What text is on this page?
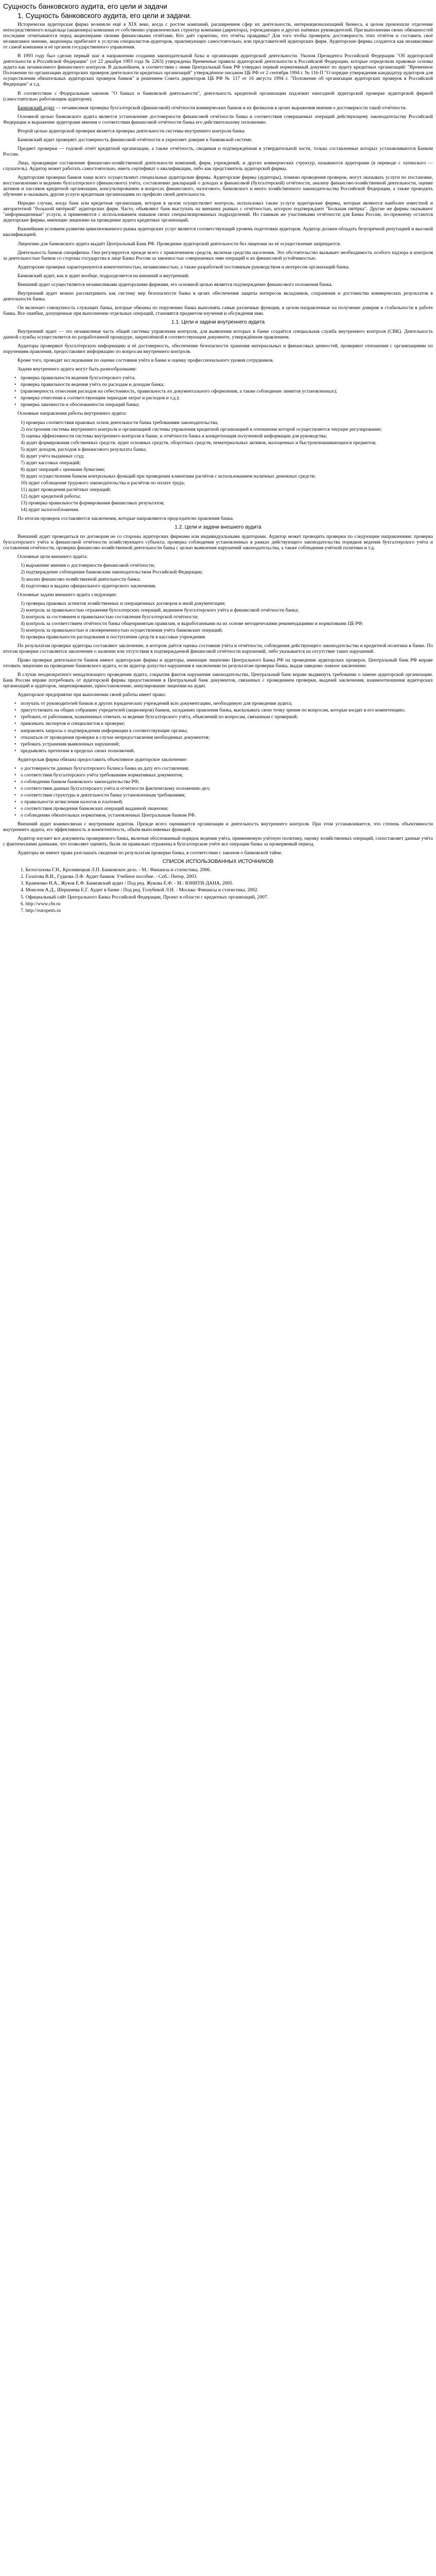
Сущность банковского аудита, его цели и задачи
1. Сущность банковского аудита, его цели и задачи.

Исторически аудиторская фирма возникли ещё в XIX веке, когда с ростом компаний, расширением сфер их деятельности, интернационализацией бизнеса, в целом произошли отделение непосредственного владельца (акционера) компании от собственно управленческих структур компании (директора), учреждающих и других наёмных руководителей. При выполнении своих обязанностей последние отчитываются перед акционерами своими финансовыми отчётами. Кто даёт гарантию, что отчёты правдивы? Для того чтобы проверить достоверность этих отчётов и составить своё независимое мнение, акционеры прибегают к услугам специалистов-аудиторов, практикующих самостоятельно, или представителей аудиторских фирм. Аудиторские фирмы создаются как независимые от самой компании и её органов государственного управления.

В 1993 году был сделан первый шаг в направлении создания законодательной базы и организации аудиторской деятельности. Указом Президента Российской Федерации "Об аудиторской деятельности в Российской Федерации" (от 22 декабря 1993 года № 2263) утверждены Временные правила аудиторской деятельности в Российской Федерации, которые определили правовые основы аудита как независимого финансового контроля. В дальнейшем, в соответствии с ними Центральный банк РФ утвердил первый нормативный документ по аудиту кредитных организаций: "Временное Положение по организации аудиторских проверок деятельности кредитных организаций" утверждённое письмом ЦБ РФ от 2 сентября 1994 г. № 116-П "О порядке утверждения кандидатур аудиторов для осуществления обязательных аудиторских проверок банков" и решением Совета директоров ЦБ РФ № 117 от 16 августа 1994 г. "Положение об организации аудиторских проверок в Российской Федерации" и т.д.

В соответствии с Федеральным законом "О банках и банковской деятельности", деятельность кредитной организации подлежит ежегодной аудиторской проверке аудиторской фирмой (самостоятельно работающим аудитором).

Банковский аудит — независимая проверка бухгалтерской (финансовой) отчётности коммерческих банков и их филиалов в целях выражения мнения о достоверности такой отчётности.

Основной целью банковского аудита является установление достоверности финансовой отчётности банка и соответствия совершаемых операций действующему законодательству Российской Федерации и выражение аудиторами мнения о соответствии финансовой отчётности банка его действительному положению.

Второй целью аудиторской проверки является проверка деятельности системы внутреннего контроля банка.

Банковский аудит проверяет достоверность финансовой отчётности и укрепляет доверие к банковской системе.

Предмет проверки — годовой отчёт кредитной организации, а также отчётность, сводимая и подтверждённая в утвердительной части, только составленные которых устанавливаются Банком России.

Лица, проводящие составление финансово-хозяйственной деятельности компаний, фирм, учреждений, и других коммерческих структур, называются аудиторами (в переводе с латинского — слушатель). Аудитор может работать самостоятельно, иметь сертификат о квалификации, либо как представитель аудиторской фирмы.

Аудиторские проверки банков чаще всего осуществляют специальные аудиторские фирмы. Аудиторские фирмы (аудиторы), помимо проведения проверок, могут оказывать услуги по постановке, восстановлению и ведению бухгалтерского (финансового) учёта, составлению деклараций о доходах и финансовой (бухгалтерской) отчётности, анализу финансово-хозяйственной деятельности, оценке активов и пассивов кредитной организации, консультированию в вопросах финансового, налогового, банковского и иного хозяйственного законодательства Российской Федерации, а также проводить обучение и оказывать другие услуги кредитным организациям по профилю своей деятельности.

Нередко случаи, когда банк или кредитная организация, которая в целом осуществляет контроль, использовал также услуги аудиторские фирмы, которые являются наиболее известной и авторитетной "большой пятёркой" аудиторских фирм. Часто, объявляют банк выступать на внешних рынках с отчётностью, которую подтверждают "Большая пятёрка". Другие же фирмы оказывают "информационные" услуги, и применяются с использованием навыков своих специализированных подразделений. Но главным же участниками отчётности для Банка России, по-прежнему остаются аудиторские фирмы, имеющие лицензию на проведение аудита кредитных организаций.

Важнейшим условием развития цивилизованного рынка аудиторских услуг является соответствующий уровень подготовки аудиторов. Аудитор должен обладать безупречной репутацией и высокой квалификацией.

Лицензию для банковского аудита выдаёт Центральный Банк РФ. Проведение аудиторской деятельности без лицензии на её осуществление запрещается.

Деятельность банков специфична. Она регулируется прежде всего с привлечением средств, включая средства населения. Это обстоятельство вызывает необходимость особого надзора и контроля за деятельностью банков со стороны государства в лице Банка России за законностью совершаемых ими операций и их финансовой устойчивостью.

Аудиторские проверки характеризуются компетентностью, независимостью, а также разработкой постоянным руководством и интересом организаций банка.

Банковский аудит, как и аудит вообще, подразделяется на внешний и внутренний.

Внешний аудит осуществляется независимыми аудиторскими фирмами, его основной целью является подтверждение финансового положения банка.

Внутренний аудит можно рассматривать как систему мер безопасности банка в целях обеспечения защиты интересов вкладчиков, сохранения и достоинства коммерческих результатов в деятельности банка.

Он включает совокупность служащих банка, которые обязаны по поручению банка выполнять самые различные функции, в целом направленные на получение доверия и стабильности в работе банка. Все ошибки, допущенные при выполнении отдельных операций, становятся предметом изучения и обсуждения ими.

1.1. Цели и задачи внутреннего аудита

Внутренний аудит — это независимая часть общей системы управления контроля, для выявления которых в банке создаётся специальная служба внутреннего контроля (СВК). Деятельность данной службы осуществляется по разработанной процедуре, закреплённой в соответствующем документе, утверждённом правлением.

Аудиторы проверяют бухгалтерскую информацию и её достоверность, обеспечение безопасности хранения материальных и финансовых ценностей, проверяют отношения с организациями по поручениям правления, предоставляют информацию по вопросам внутреннего контроля.

Кроме того, проводят исследования по оценке состояния учёта в банке и оценку профессионального уровня сотрудников.

Задачи внутреннего аудита могут быть разнообразными:

• проверка правильности ведения бухгалтерского учёта;
• проверка правильности ведения учёта по расходам и доходам банка;
• (правомерность отнесения расходов на себестоимость, правильность их документального оформления, а также соблюдение лимитов установленных);
• проверка отнесения к соответствующим периодам затрат и расходов и т.д.);
• проверка законности и обоснованности операций банка;

Основные направления работы внутреннего аудита:

1) проверка соответствия правовых основ деятельности банка требованиям законодательства;
2) построения системы внутреннего контроля и организацией системы управления кредитной организацией в отношении которой осуществляется текущее регулирование;
3) оценка эффективности системы внутреннего контроля в банке, и отчётности банка и конкретизация полученной информации для руководства;
4) аудит формирования собственных средств: аудит основных средств, оборотных средств, нематериальных активов, малоценных и быстроизнашивающихся предметов;
5) аудит доходов, расходов и финансового результата банка;
6) аудит учёта выданных ссуд;
7) аудит кассовых операций;
8) аудит операций с ценными бумагами;
9) аудит осуществления банком контрольных функций при проведении клиентами расчётов с использованием наличных денежных средств;
10) аудит соблюдения трудового законодательства и расчётов по оплате труда;
11) аудит проведения расчётных операций;
12) аудит кредитной работы;
13) проверка правильности формирования финансовых результатов;
14) аудит налогообложения.

По итогам проверок составляются заключения, которые направляются председателю правления банка.

1.2. Цели и задачи внешнего аудита

Внешний аудит проводиться по договорам не со стороны аудиторских фирмами или индивидуальными аудиторами. Аудитор может проводить проверки по следующим направлениям: проверка бухгалтерского учёта и финансовой отчётности хозяйствующего субъекта; проверка соблюдения установленных в рамках действующего законодательства порядков ведения бухгалтерского учёта и составления отчётности, проверки финансово-хозяйственной деятельности банка с целью выявления нарушений законодательства, а также соблюдения учётной политики и т.д.

Основные цели внешнего аудита:

1) выражение мнения о достоверности финансовой отчётности;
2) подтверждение соблюдения банковским законодательством Российской Федерации;
3) анализ финансово-хозяйственной деятельности банка;
4) подготовка и выдача официального аудиторского заключения.

Основные задачи внешнего аудита следующие:

1) проверка правовых аспектов хозяйственных и операционных договоров и иной документации;
2) контроль за правильностью отражения бухгалтерских операций, ведением бухгалтерского учёта и финансовой отчётности банка;
3) контроль за состоянием и правильностью составления бухгалтерской отчётности;
4) контроль за соответствием отчётности банка общепринятым правилам, и выработанными на их основе методическими рекомендациями и нормативами ЦБ РФ;
5) контроль за правильностью и своевременностью осуществления учёта банковских операций;
6) проверка правильности расходования и поступления средств в кассовые учреждения.

По результатам проверки аудиторы составляют заключение, в котором даётся оценка состояния учёта и отчётности, соблюдения действующего законодательства и кредитной политики в банке. По итогам проверки составляется заключение о наличии или отсутствии в подтверждаемой финансовой отчётности нарушений, либо указывается на отсутствие таких нарушений.

Право проверки деятельности банков имеют аудиторские фирмы и аудиторы, имеющие лицензию Центрального Банка РФ на проведение аудиторских проверок. Центральный банк РФ вправе отозвать лицензию на проведение банковского аудита, если аудитор допустил нарушения в заключении по результатам проверки банка, выдав заведомо ложное заключение.

В случае неоднократного ненадлежащего проведения аудита, сокрытия фактов нарушения законодательства, Центральный банк вправе выдвинуть требование о замене аудиторской организации. Банк России вправе потребовать от аудиторской фирмы предоставления в Центральный банк документов, связанных с проведением проверки, выдачей заключения, взаимоотношения аудиторских организаций и аудиторов, лицензирование, приостановление, аннулирование лицензии на аудит.

Аудиторское предприятие при выполнении своей работы имеет право:

• получать от руководителей банков и других юридических учреждений всю документацию, необходимую для проведения аудита;
• присутствовать на общих собраниях учредителей (акционеров) банков, заседаниях правления банка, высказывать свою точку зрения по вопросам, которые входят в его компетенцию;
• требовать от работников, назначенных отвечать за ведение бухгалтерского учёта, объяснений по вопросам, связанным с проверкой;
• привлекать экспертов и специалистов к проверке;
• направлять запросы о подтверждении информации в соответствующие органы;
• отказаться от проведения проверки в случае непредоставления необходимых документов;
• требовать устранения выявленных нарушений;
• предъявлять претензии в пределах своих полномочий.

Аудиторская фирма обязана предоставить объективное аудиторское заключение:

• о достоверности данных бухгалтерского баланса банка на дату его составления;
• о соответствии бухгалтерского учёта требованиям нормативных документов;
• о соблюдении банком банковского законодательства РФ;
• о соответствии данных бухгалтерского учёта и отчётности фактическому положению дел;
• о соответствии структуры и деятельности банка установленным требованиям;
• о правильности исчисления налогов и платежей;
• о соответствии проведения банковских операций выданной лицензии;
• о соблюдении обязательных нормативов, установленных Центральным банком РФ.

Внешний аудит взаимосвязан с внутренним аудитом. Прежде всего оценивается организация и деятельность внутреннего контроля. При этом устанавливается, что степень объективности внутреннего аудита, его эффективность и компетентность, объём выполняемых функций.

Аудитор изучает все документы проверяемого банка, включая обоснованный порядок ведения учёта, применяемую учётную политику, оценку хозяйственных операций, сопоставляет данные учёта с фактическими данными, что позволяет оценить, были ли правильно отражены в бухгалтерском учёте все операции банка за проверяемый период.

Аудиторы не имеют права разглашать сведения по результатам проверки банка, в соответствии с законом о банковской тайне.

СПИСОК ИСПОЛЬЗОВАННЫХ ИСТОЧНИКОВ
1. Белоглазова Г.Н., Кроливецкая Л.П. Банковское дело. - М.: Финансы и статистика, 2006.
2. Галатова В.И., Гудкова Л.Ф. Аудит банков: Учебное пособие. - Спб.: Питер, 2003.
3. Кравченко Н.А., Жуков Е.Ф. Банковский аудит / Под ред. Жукова Е.Ф. - М.: ЮНИТИ-ДАНА, 2005.
4. Моисеев А.Д., Шершнева Е.Г. Аудит в банке / Под ред. Голубевой Л.Н. - Москва: Финансы и статистика, 2002.
5. Официальный сайт Центрального Банка Российской Федерации, Проект в области с кредитных организаций, 2007.
6. http://www.cbr.ru
7. http://europetts.ru
